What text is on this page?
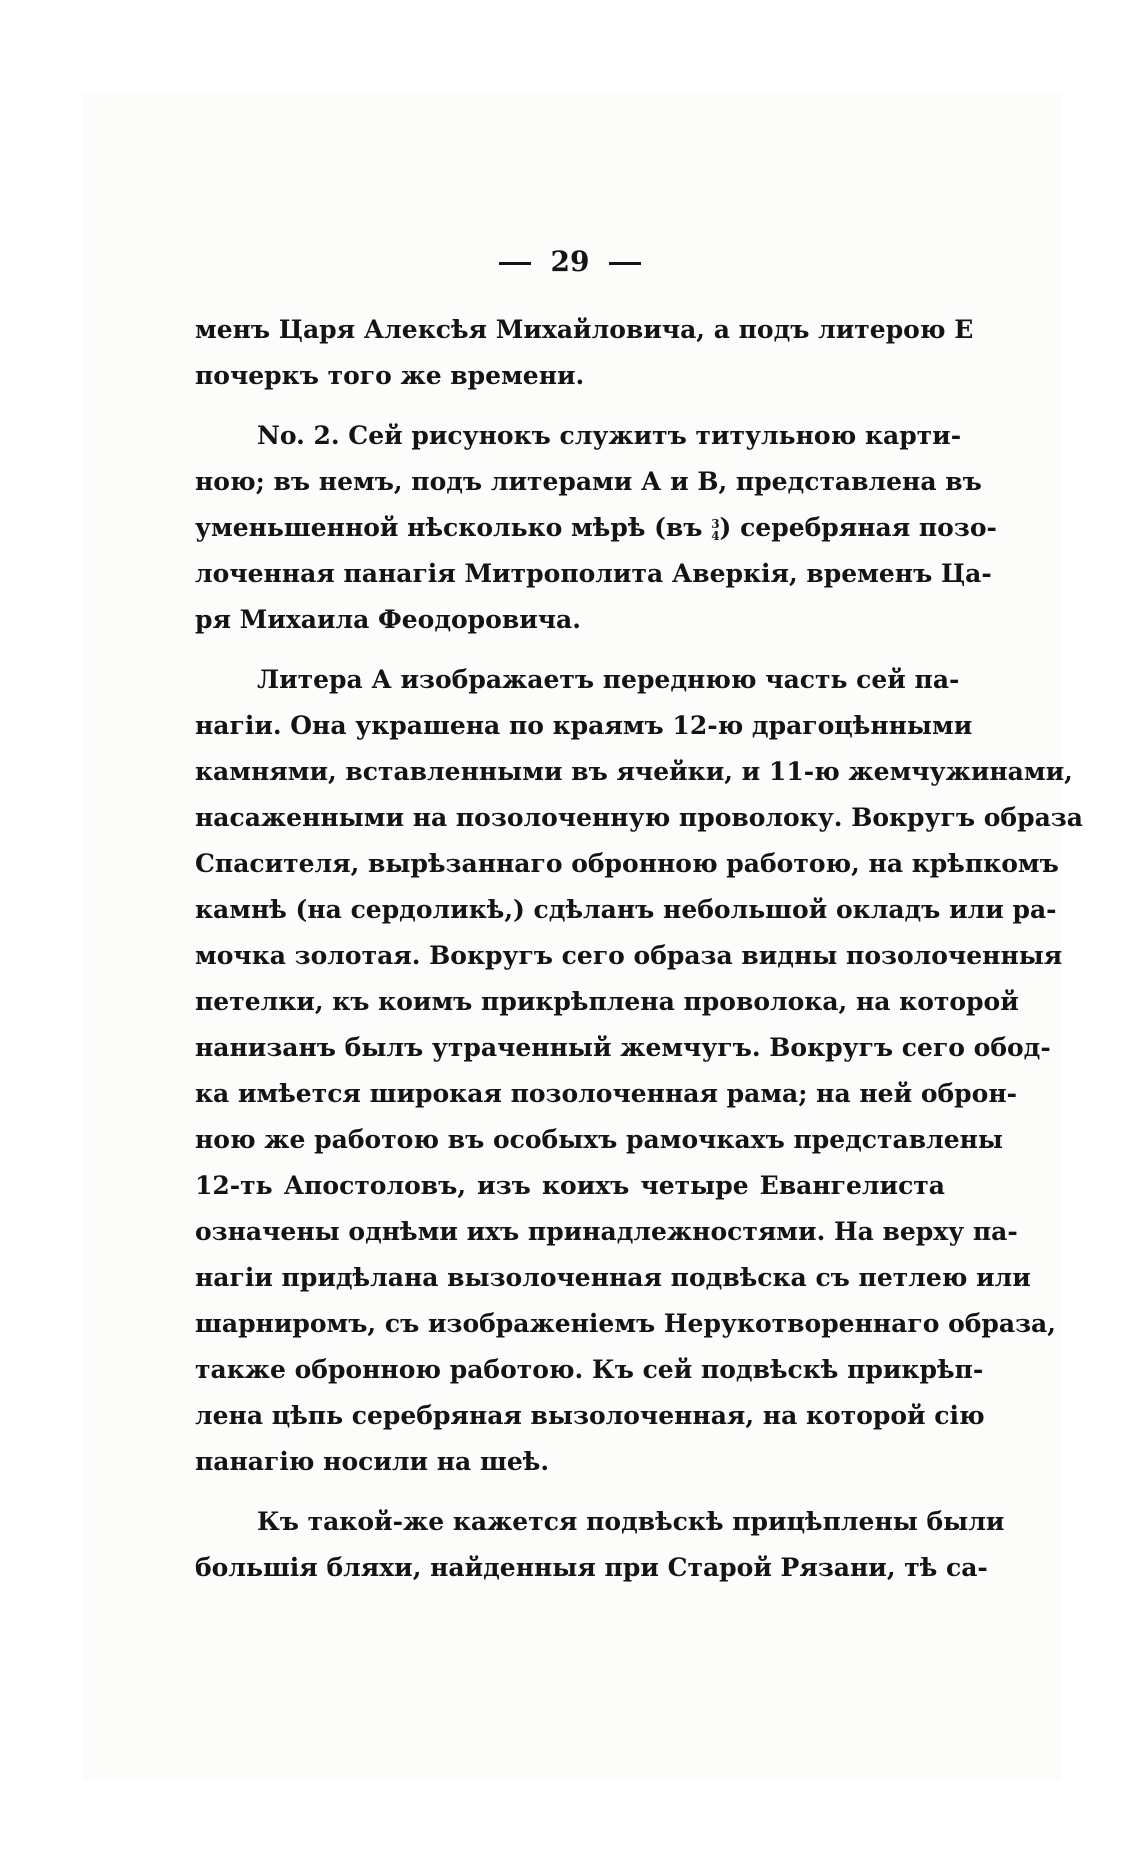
29
менъ Царя Алексѣя Михайловича, а подъ литерою E
почеркъ того же времени.
No. 2. Сей рисунокъ служитъ титульною карти-
ною; въ немъ, подъ литерами А и В, представлена въ
уменьшенной нѣсколько мѣрѣ (въ 3
4 ) серебряная позо-
лоченная панагія Митрополита Аверкія, временъ Ца-
ря Михаила Феодоровича.
Литера А изображаетъ переднюю часть сей па-
нагіи. Она украшена по краямъ 12-ю драгоцѣнными
камнями, вставленными въ ячейки, и 11-ю жемчужинами,
насаженными на позолоченную проволоку. Вокругъ образа
Спасителя, вырѣзаннаго обронною работою, на крѣпкомъ
камнѣ (на сердоликѣ,) сдѣланъ небольшой окладъ или ра-
мочка золотая. Вокругъ сего образа видны позолоченныя
петелки, къ коимъ прикрѣплена проволока, на которой
нанизанъ былъ утраченный жемчугъ. Вокругъ сего обод-
ка имѣется широкая позолоченная рама; на ней оброн-
ною же работою въ особыхъ рамочкахъ представлены
12-ть Апостоловъ, изъ коихъ четыре Евангелиста
означены однѣми ихъ принадлежностями. На верху па-
нагіи придѣлана вызолоченная подвѣска съ петлею или
шарниромъ, съ изображеніемъ Нерукотвореннаго образа,
также обронною работою. Къ сей подвѣскѣ прикрѣп-
лена цѣпь серебряная вызолоченная, на которой сію
панагію носили на шеѣ.
Къ такой-же кажется подвѣскѣ прицѣплены были
большія бляхи, найденныя при Старой Рязани, тѣ са-
